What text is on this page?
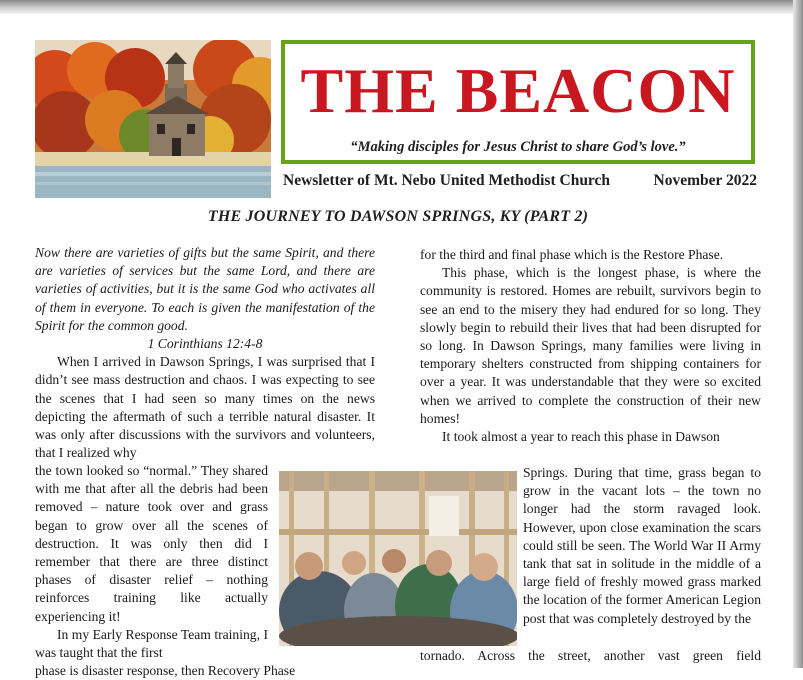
THE BEACON
“Making disciples for Jesus Christ to share God’s love.”
Newsletter of Mt. Nebo United Methodist Church	November 2022
THE JOURNEY TO DAWSON SPRINGS, KY (PART 2)

Now there are varieties of gifts but the same Spirit, and there are varieties of services but the same Lord, and there are varieties of activities, but it is the same God who activates all of them in everyone. To each is given the manifestation of the Spirit for the common good.

1 Corinthians 12:4-8

When I arrived in Dawson Springs, I was surprised that I didn’t see mass destruction and chaos. I was expecting to see the scenes that I had seen so many times on the news depicting the aftermath of such a terrible natural disaster. It was only after discussions with the survivors and volunteers, that I realized why

the town looked so “normal.” They shared with me that after all the debris had been removed – nature took over and grass began to grow over all the scenes of destruction. It was only then did I remember that there are three distinct phases of disaster relief – nothing reinforces training like actually experiencing it!

In my Early Response Team training, I was taught that the first

phase is disaster response, then Recovery Phase

for the third and final phase which is the Restore Phase.

This phase, which is the longest phase, is where the community is restored. Homes are rebuilt, survivors begin to see an end to the misery they had endured for so long. They slowly begin to rebuild their lives that had been disrupted for so long. In Dawson Springs, many families were living in temporary shelters constructed from shipping containers for over a year. It was understandable that they were so excited when we arrived to complete the construction of their new homes!

It took almost a year to reach this phase in Dawson

Springs. During that time, grass began to grow in the vacant lots – the town no longer had the storm ravaged look. However, upon close examination the scars could still be seen. The World War II Army tank that sat in solitude in the middle of a large field of freshly mowed grass marked the location of the former American Legion post that was completely destroyed by the

tornado. Across the street, another vast green field
